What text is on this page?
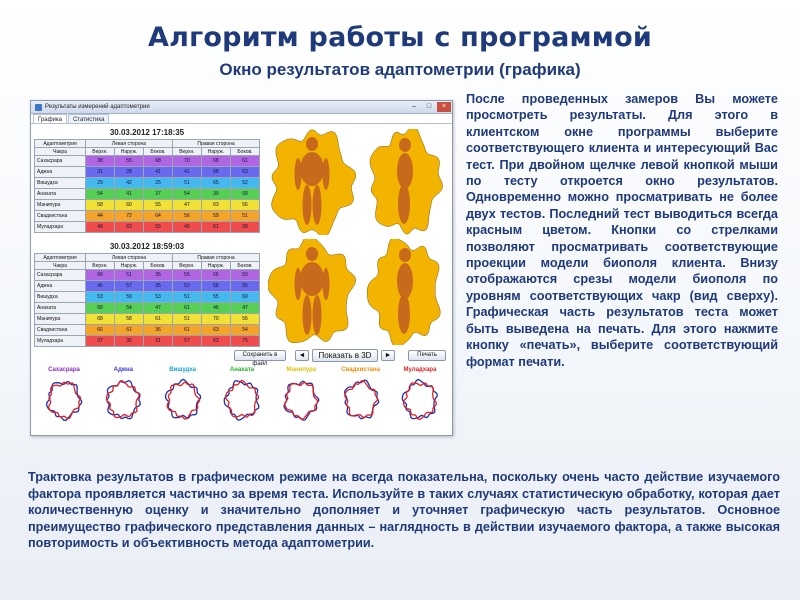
Алгоритм работы с программой
Окно результатов адаптометрии (графика)
Результаты измерений адаптометрии	–	□	×
Графика	Статистика
30.03.2012 17:18:35
Адаптометрия	Левая сторона			Правая сторона		
Чакра	Верхн.	Наруж.	Боков.	Верхн.	Наруж.	Боков.
Сахасрара	38	55	68	70	68	61
Аджна	31	28	41	41	68	63
Вишудха	29	42	25	51	65	52
Анахата	54	41	37	54	39	68
Манипура	58	60	55	47	63	56
Свадхистана	44	72	64	56	59	51
Муладхара	49	63	55	45	61	58
30.03.2012 18:59:03
Адаптометрия	Левая сторона			Правая сторона		
Чакра	Верхн.	Наруж.	Боков.	Верхн.	Наруж.	Боков.
Сахасрара	68	51	35	55	66	59
Аджна	45	57	35	53	58	55
Вишудха	53	59	53	51	55	60
Анахата	68	54	47	61	46	47
Манипура	68	58	61	51	70	56
Свадхистана	66	61	36	61	63	54
Муладхара	37	35	31	57	63	75
Сохранить в файл
◄	Показать в 3D	►	Печать
Сахасрара	Аджна	Вишудха	Анахата	Манипура	Свадхистана	Муладхара
После проведенных замеров Вы можете просмотреть результаты. Для этого в клиентском окне программы выберите соответствующего клиента и интересующий Вас тест. При двойном щелчке левой кнопкой мыши по тесту откроется окно результатов. Одновременно можно просматривать не более двух тестов. Последний тест выводиться всегда красным цветом. Кнопки со стрелками позволяют просматривать соответствующие проекции модели биополя клиента. Внизу отображаются срезы модели биополя по уровням соответствующих чакр (вид сверху). Графическая часть результатов теста может быть выведена на печать. Для этого нажмите кнопку «печать», выберите соответствующий формат печати.
Трактовка результатов в графическом режиме на всегда показательна, поскольку очень часто действие изучаемого фактора проявляется частично за время теста. Используйте в таких случаях статистическую обработку, которая дает количественную оценку и значительно дополняет и уточняет графическую часть результатов. Основное преимущество графического представления данных – наглядность в действии изучаемого фактора, а также высокая повторимость и объективность метода адаптометрии.
